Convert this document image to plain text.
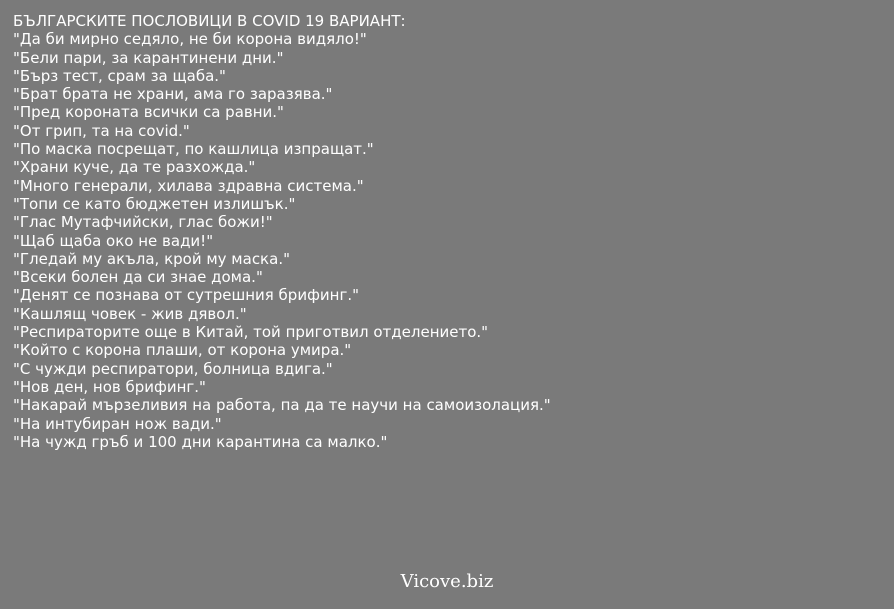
БЪЛГАРСКИТЕ ПОСЛОВИЦИ В COVID 19 ВАРИАНТ:
"Да би мирно седяло, не би корона видяло!"
"Бели пари, за карантинени дни."
"Бърз тест, срам за щаба."
"Брат брата не храни, ама го заразява."
"Пред короната всички са равни."
"От грип, та на covid."
"По маска посрещат, по кашлица изпращат."
"Храни куче, да те разхожда."
"Много генерали, хилава здравна система."
"Топи се като бюджетен излишък."
"Глас Мутафчийски, глас божи!"
"Щаб щаба око не вади!"
"Гледай му акъла, крой му маска."
"Всеки болен да си знае дома."
"Денят се познава от сутрешния брифинг."
"Кашлящ човек - жив дявол."
"Респираторите още в Китай, той приготвил отделението."
"Който с корона плаши, от корона умира."
"С чужди респиратори, болница вдига."
"Нов ден, нов брифинг."
"Накарай мързеливия на работа, па да те научи на самоизолация."
"На интубиран нож вади."
"На чужд гръб и 100 дни карантина са малко."
Vicove.biz
